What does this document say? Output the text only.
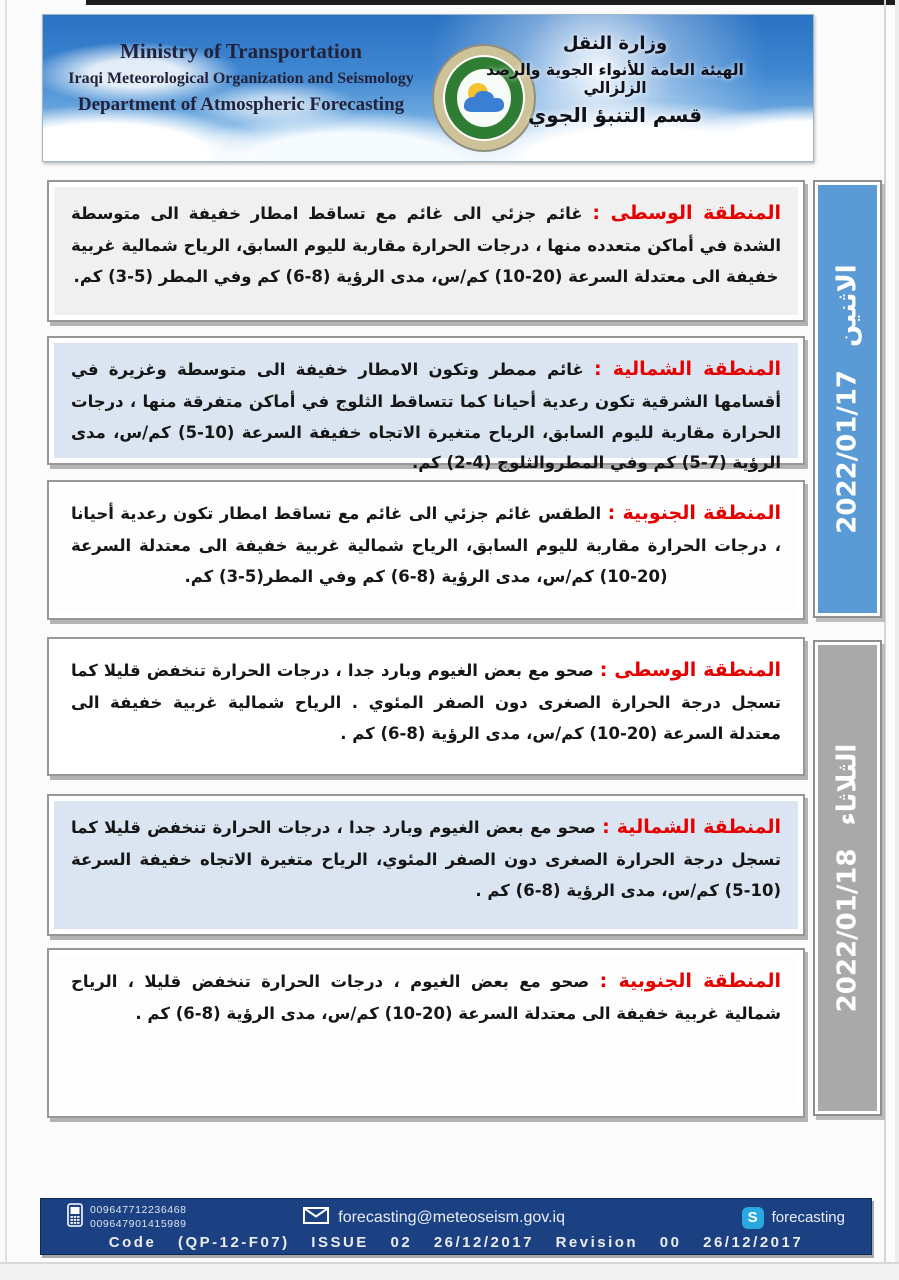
Ministry of Transportation
Iraqi Meteorological Organization and Seismology
Department of Atmospheric Forecasting
وزارة النقل
الهيئة العامة للأنواء الجوية والرصد الزلزالي
قسم التنبؤ الجوي

المنطقة الوسطى : غائم جزئي الى غائم مع تساقط امطار خفيفة الى متوسطة الشدة في أماكن متعدده منها ، درجات الحرارة مقاربة لليوم السابق، الرياح شمالية غربية خفيفة الى معتدلة السرعة (20-10) كم/س، مدى الرؤية (8-6) كم وفي المطر (5-3) كم.

المنطقة الشمالية : غائم ممطر وتكون الامطار خفيفة الى متوسطة وغزيرة في أقسامها الشرقية تكون رعدية أحيانا كما تتساقط الثلوج في أماكن متفرقة منها ، درجات الحرارة مقاربة لليوم السابق، الرياح متغيرة الاتجاه خفيفة السرعة (10-5) كم/س، مدى الرؤية (7-5) كم وفي المطروالثلوج (4-2) كم.

المنطقة الجنوبية : الطقس غائم جزئي الى غائم مع تساقط امطار تكون رعدية أحيانا ، درجات الحرارة مقاربة لليوم السابق، الرياح شمالية غربية خفيفة الى معتدلة السرعة (20-10) كم/س، مدى الرؤية (8-6) كم وفي المطر(5-3) كم.

الاثنين 2022/01/17

المنطقة الوسطى : صحو مع بعض الغيوم وبارد جدا ، درجات الحرارة تنخفض قليلا كما تسجل درجة الحرارة الصغرى دون الصفر المئوي . الرياح شمالية غربية خفيفة الى معتدلة السرعة (20-10) كم/س، مدى الرؤية (8-6) كم .

المنطقة الشمالية : صحو مع بعض الغيوم وبارد جدا ، درجات الحرارة تنخفض قليلا كما تسجل درجة الحرارة الصغرى دون الصفر المئوي، الرياح متغيرة الاتجاه خفيفة السرعة (10-5) كم/س، مدى الرؤية (8-6) كم .

المنطقة الجنوبية : صحو مع بعض الغيوم ، درجات الحرارة تنخفض قليلا ، الرياح شمالية غربية خفيفة الى معتدلة السرعة (20-10) كم/س، مدى الرؤية (8-6) كم .

الثلاثاء 2022/01/18
009647712236468
009647901415989	forecasting@meteoseism.gov.iq	S forecasting
Code (QP-12-F07) ISSUE 02 26/12/2017 Revision 00 26/12/2017
